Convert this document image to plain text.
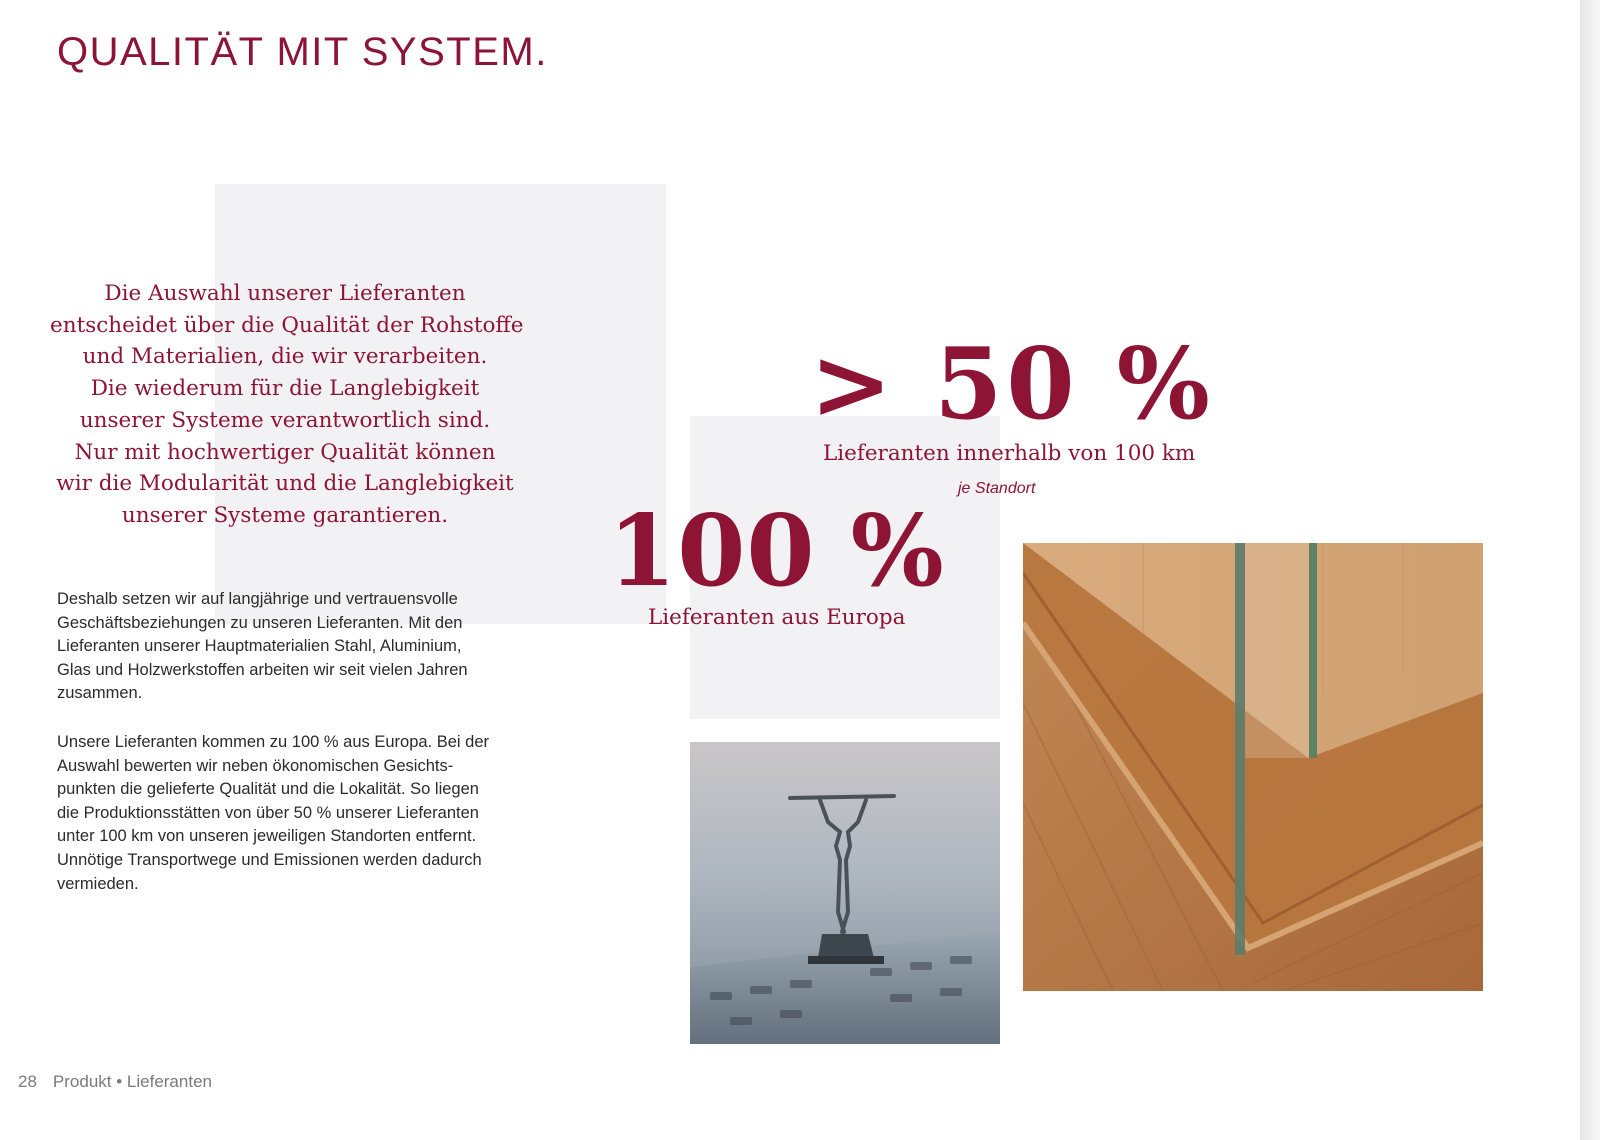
QUALITÄT MIT SYSTEM.
Die Auswahl unserer Lieferanten
entscheidet über die Qualität der Rohstoffe
und Materialien, die wir verarbeiten.
Die wiederum für die Langlebigkeit
unserer Systeme verantwortlich sind.
Nur mit hochwertiger Qualität können
wir die Modularität und die Langlebigkeit
unserer Systeme garantieren.
Deshalb setzen wir auf langjährige und vertrauensvolle
Geschäftsbeziehungen zu unseren Lieferanten. Mit den
Lieferanten unserer Hauptmaterialien Stahl, Aluminium,
Glas und Holzwerkstoffen arbeiten wir seit vielen Jahren
zusammen.
Unsere Lieferanten kommen zu 100 % aus Europa. Bei der
Auswahl bewerten wir neben ökonomischen Gesichts-
punkten die gelieferte Qualität und die Lokalität. So liegen
die Produktionsstätten von über 50 % unserer Lieferanten
unter 100 km von unseren jeweiligen Standorten entfernt.
Unnötige Transportwege und Emissionen werden dadurch
vermieden.
> 50 %
Lieferanten innerhalb von 100 km
je Standort
100 %
Lieferanten aus Europa
28 Produkt • Lieferanten
